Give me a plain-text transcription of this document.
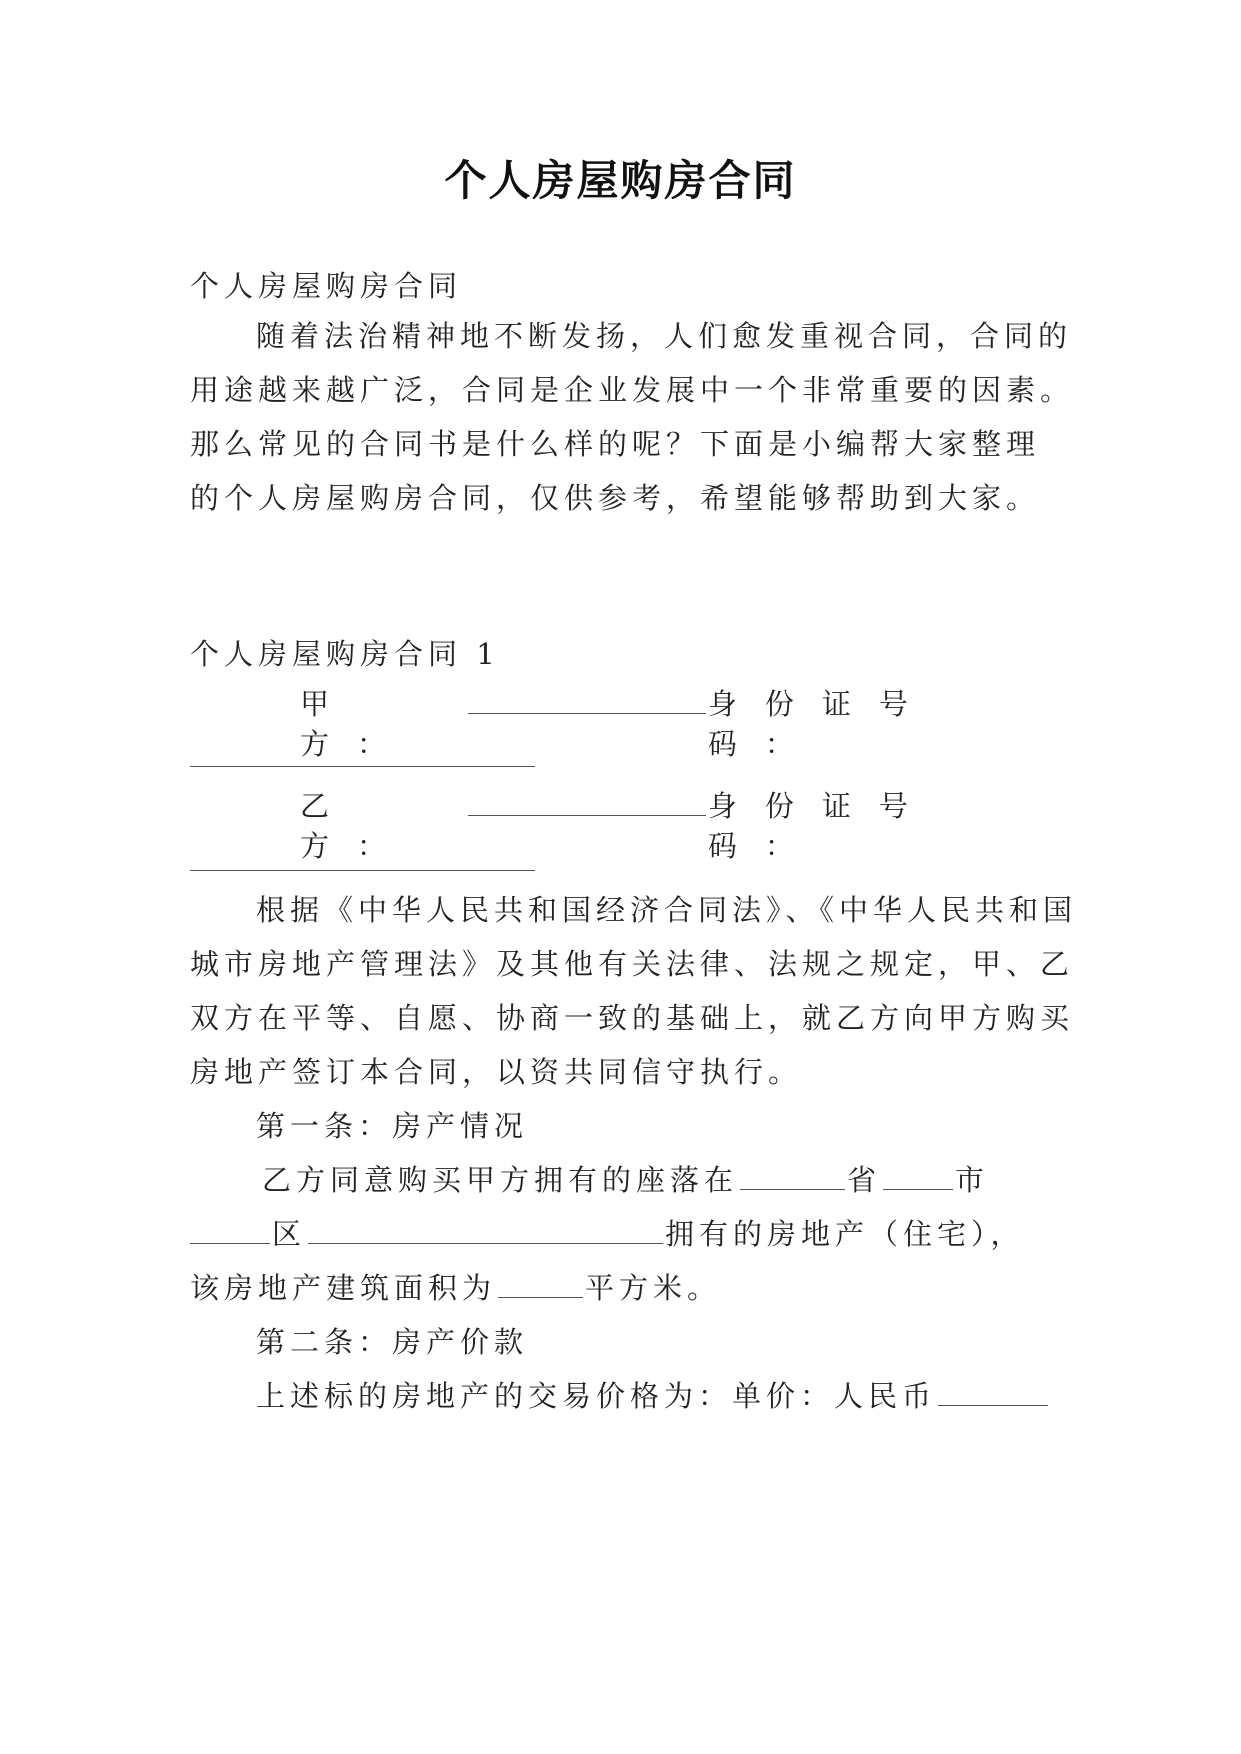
个人房屋购房合同
个人房屋购房合同
随着法治精神地不断发扬，人们愈发重视合同，合同的
用途越来越广泛，合同是企业发展中一个非常重要的因素。
那么常见的合同书是什么样的呢？下面是小编帮大家整理
的个人房屋购房合同，仅供参考，希望能够帮助到大家。
个人房屋购房合同 1
甲方：
身份证号码：
乙方：
身份证号码：
根据《中华人民共和国经济合同法》、《中华人民共和国
城市房地产管理法》及其他有关法律、法规之规定，甲、乙
双方在平等、自愿、协商一致的基础上，就乙方向甲方购买
房地产签订本合同，以资共同信守执行。
第一条：房产情况
乙方同意购买甲方拥有的座落在	省	市
区	拥有的房地产（住宅），
该房地产建筑面积为	平方米。
第二条：房产价款
上述标的房地产的交易价格为：单价：人民币
